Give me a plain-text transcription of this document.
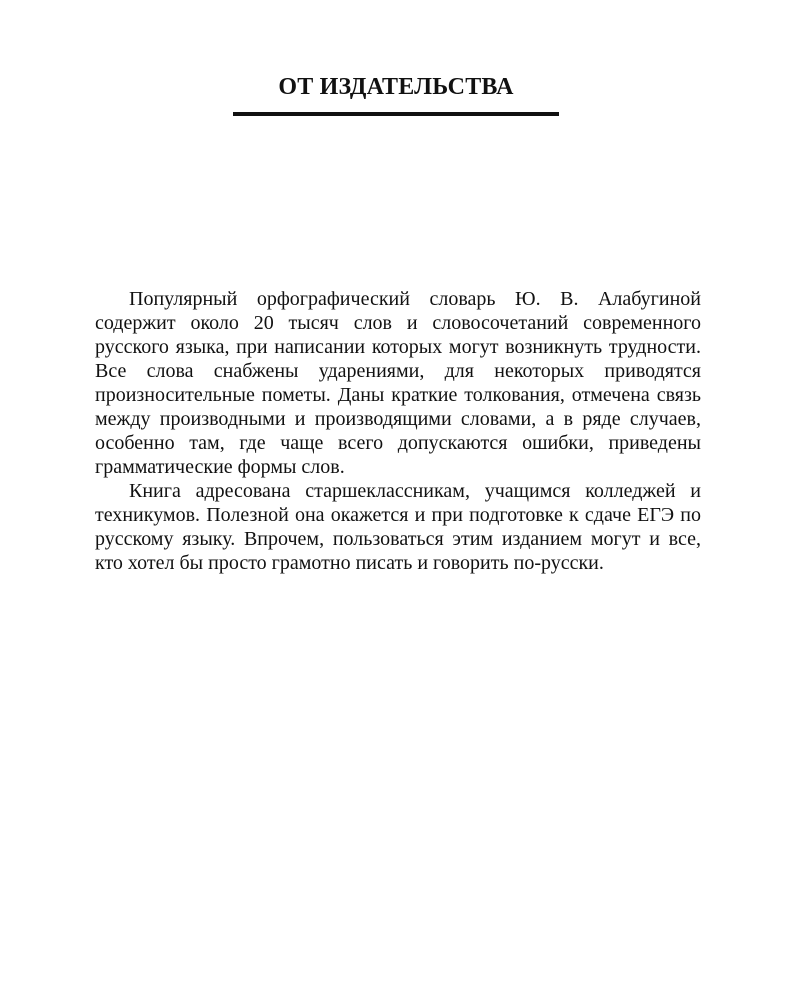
ОТ ИЗДАТЕЛЬСТВА

Популярный орфографический словарь Ю. В. Алабугиной содержит около 20 тысяч слов и словосочетаний современного русского языка, при написании которых могут возникнуть трудности. Все слова снабжены ударениями, для некоторых приводятся произносительные пометы. Даны краткие толкования, отмечена связь между производными и производящими словами, а в ряде случаев, особенно там, где чаще всего допускаются ошибки, приведены грамматические формы слов.

Книга адресована старшеклассникам, учащимся колледжей и техникумов. Полезной она окажется и при подготовке к сдаче ЕГЭ по русскому языку. Впрочем, пользоваться этим изданием могут и все, кто хотел бы просто грамотно писать и говорить по-русски.
